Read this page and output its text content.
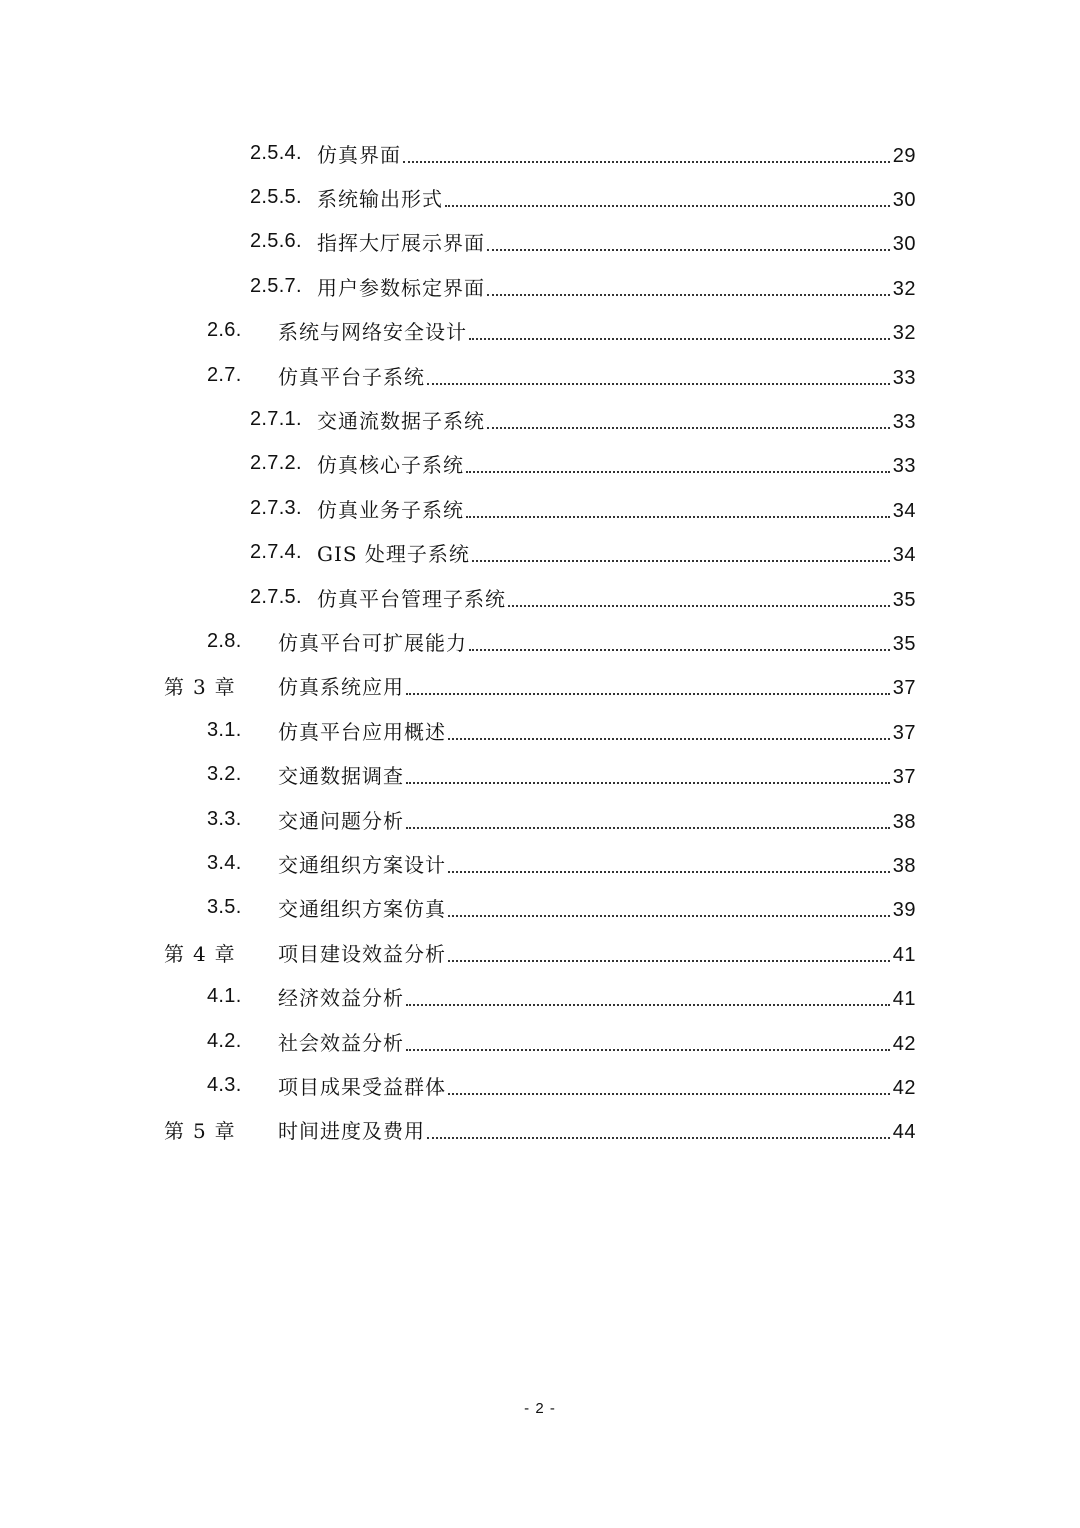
2.5.4. 仿真界面	29
2.5.5. 系统输出形式	30
2.5.6. 指挥大厅展示界面	30
2.5.7. 用户参数标定界面	32
2.6. 系统与网络安全设计	32
2.7. 仿真平台子系统	33
2.7.1. 交通流数据子系统	33
2.7.2. 仿真核心子系统	33
2.7.3. 仿真业务子系统	34
2.7.4. GIS 处理子系统	34
2.7.5. 仿真平台管理子系统	35
2.8. 仿真平台可扩展能力	35
第 3 章 仿真系统应用	37
3.1. 仿真平台应用概述	37
3.2. 交通数据调查	37
3.3. 交通问题分析	38
3.4. 交通组织方案设计	38
3.5. 交通组织方案仿真	39
第 4 章 项目建设效益分析	41
4.1. 经济效益分析	41
4.2. 社会效益分析	42
4.3. 项目成果受益群体	42
第 5 章 时间进度及费用	44
- 2 -
